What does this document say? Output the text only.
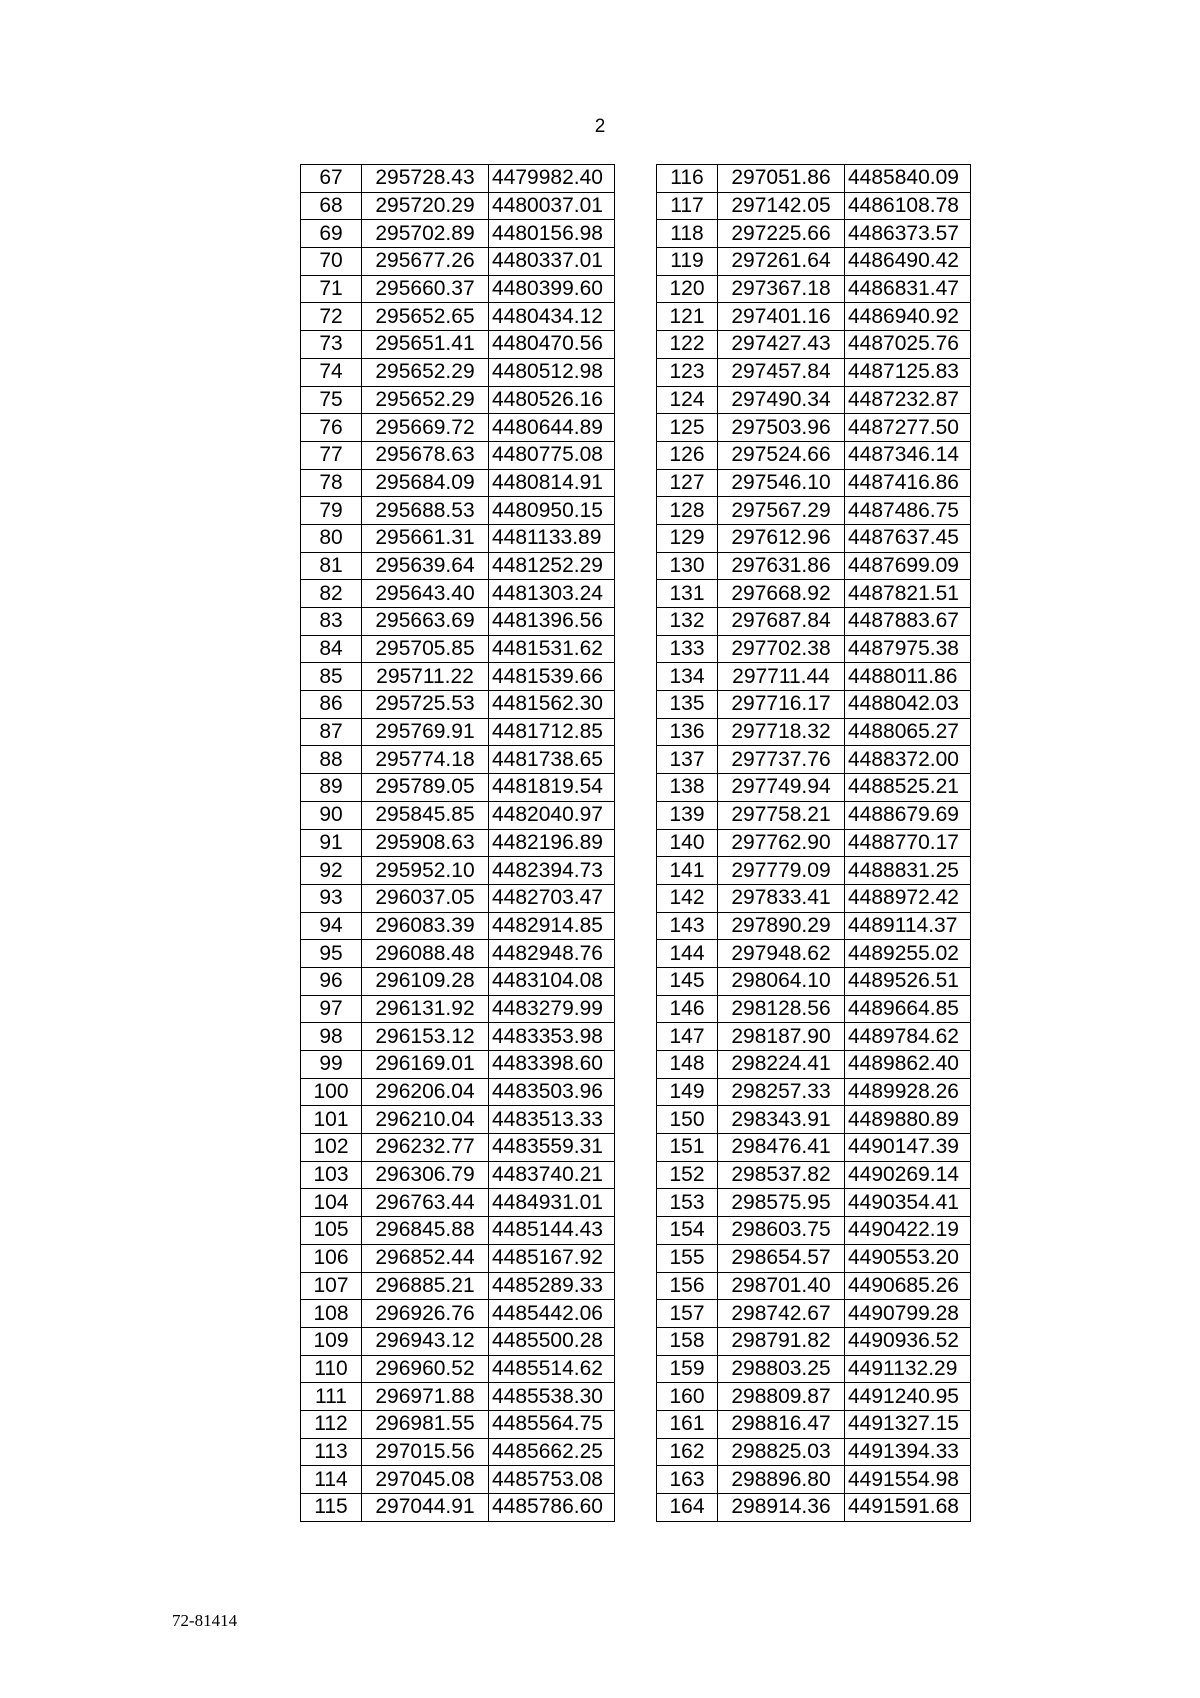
2
67	295728.43	4479982.40
68	295720.29	4480037.01
69	295702.89	4480156.98
70	295677.26	4480337.01
71	295660.37	4480399.60
72	295652.65	4480434.12
73	295651.41	4480470.56
74	295652.29	4480512.98
75	295652.29	4480526.16
76	295669.72	4480644.89
77	295678.63	4480775.08
78	295684.09	4480814.91
79	295688.53	4480950.15
80	295661.31	4481133.89
81	295639.64	4481252.29
82	295643.40	4481303.24
83	295663.69	4481396.56
84	295705.85	4481531.62
85	295711.22	4481539.66
86	295725.53	4481562.30
87	295769.91	4481712.85
88	295774.18	4481738.65
89	295789.05	4481819.54
90	295845.85	4482040.97
91	295908.63	4482196.89
92	295952.10	4482394.73
93	296037.05	4482703.47
94	296083.39	4482914.85
95	296088.48	4482948.76
96	296109.28	4483104.08
97	296131.92	4483279.99
98	296153.12	4483353.98
99	296169.01	4483398.60
100	296206.04	4483503.96
101	296210.04	4483513.33
102	296232.77	4483559.31
103	296306.79	4483740.21
104	296763.44	4484931.01
105	296845.88	4485144.43
106	296852.44	4485167.92
107	296885.21	4485289.33
108	296926.76	4485442.06
109	296943.12	4485500.28
110	296960.52	4485514.62
111	296971.88	4485538.30
112	296981.55	4485564.75
113	297015.56	4485662.25
114	297045.08	4485753.08
115	297044.91	4485786.60
116	297051.86	4485840.09
117	297142.05	4486108.78
118	297225.66	4486373.57
119	297261.64	4486490.42
120	297367.18	4486831.47
121	297401.16	4486940.92
122	297427.43	4487025.76
123	297457.84	4487125.83
124	297490.34	4487232.87
125	297503.96	4487277.50
126	297524.66	4487346.14
127	297546.10	4487416.86
128	297567.29	4487486.75
129	297612.96	4487637.45
130	297631.86	4487699.09
131	297668.92	4487821.51
132	297687.84	4487883.67
133	297702.38	4487975.38
134	297711.44	4488011.86
135	297716.17	4488042.03
136	297718.32	4488065.27
137	297737.76	4488372.00
138	297749.94	4488525.21
139	297758.21	4488679.69
140	297762.90	4488770.17
141	297779.09	4488831.25
142	297833.41	4488972.42
143	297890.29	4489114.37
144	297948.62	4489255.02
145	298064.10	4489526.51
146	298128.56	4489664.85
147	298187.90	4489784.62
148	298224.41	4489862.40
149	298257.33	4489928.26
150	298343.91	4489880.89
151	298476.41	4490147.39
152	298537.82	4490269.14
153	298575.95	4490354.41
154	298603.75	4490422.19
155	298654.57	4490553.20
156	298701.40	4490685.26
157	298742.67	4490799.28
158	298791.82	4490936.52
159	298803.25	4491132.29
160	298809.87	4491240.95
161	298816.47	4491327.15
162	298825.03	4491394.33
163	298896.80	4491554.98
164	298914.36	4491591.68
72-81414
